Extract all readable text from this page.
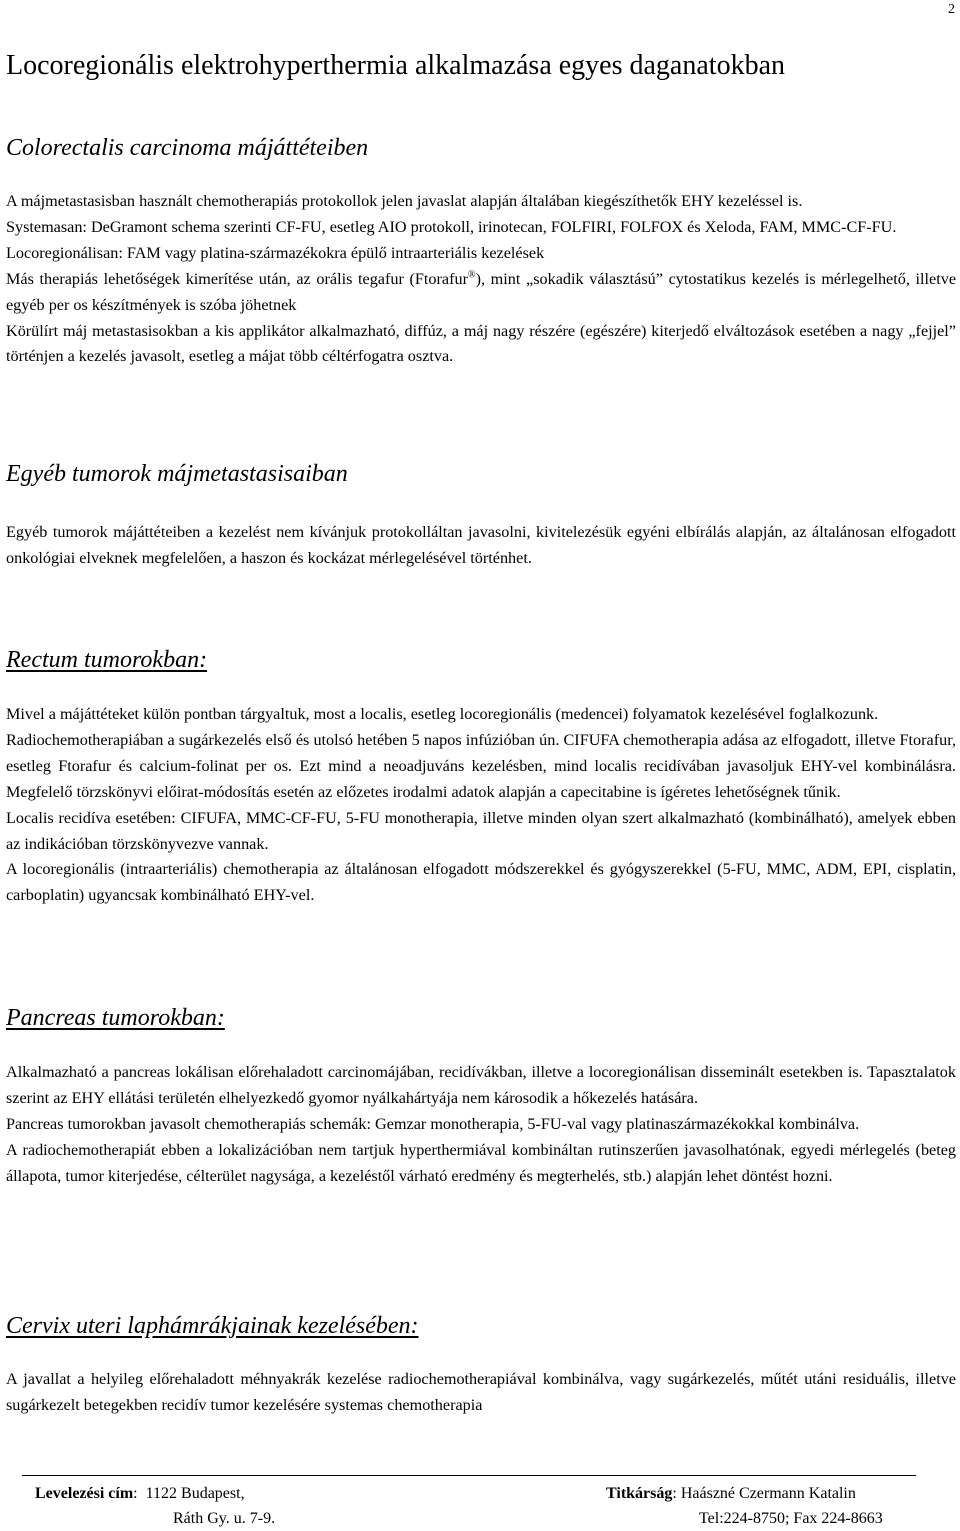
2
Locoregionális elektrohyperthermia alkalmazása egyes daganatokban
Colorectalis carcinoma májáttéteiben

A májmetastasisban használt chemotherapiás protokollok jelen javaslat alapján általában kiegészíthetők EHY kezeléssel is.

Systemasan: DeGramont schema szerinti CF-FU, esetleg AIO protokoll, irinotecan, FOLFIRI, FOLFOX és Xeloda, FAM, MMC-CF-FU.

Locoregionálisan: FAM vagy platina-származékokra épülő intraarteriális kezelések

Más therapiás lehetőségek kimerítése után, az orális tegafur (Ftorafur®), mint „sokadik választású” cytostatikus kezelés is mérlegelhető, illetve egyéb per os készítmények is szóba jöhetnek

Körülírt máj metastasisokban a kis applikátor alkalmazható, diffúz, a máj nagy részére (egészére) kiterjedő elváltozások esetében a nagy „fejjel” történjen a kezelés javasolt, esetleg a májat több céltérfogatra osztva.

Egyéb tumorok májmetastasisaiban

Egyéb tumorok májáttéteiben a kezelést nem kívánjuk protokolláltan javasolni, kivitelezésük egyéni elbírálás alapján, az általánosan elfogadott onkológiai elveknek megfelelően, a haszon és kockázat mérlegelésével történhet.

Rectum tumorokban:

Mivel a májáttéteket külön pontban tárgyaltuk, most a localis, esetleg locoregionális (medencei) folyamatok kezelésével foglalkozunk.

Radiochemotherapiában a sugárkezelés első és utolsó hetében 5 napos infúzióban ún. CIFUFA chemotherapia adása az elfogadott, illetve Ftorafur, esetleg Ftorafur és calcium-folinat per os. Ezt mind a neoadjuváns kezelésben, mind localis recidívában javasoljuk EHY-vel kombinálásra. Megfelelő törzskönyvi előirat-módosítás esetén az előzetes irodalmi adatok alapján a capecitabine is ígéretes lehetőségnek tűnik.

Localis recidíva esetében: CIFUFA, MMC-CF-FU, 5-FU monotherapia, illetve minden olyan szert alkalmazható (kombinálható), amelyek ebben az indikációban törzskönyvezve vannak.

A locoregionális (intraarteriális) chemotherapia az általánosan elfogadott módszerekkel és gyógyszerekkel (5-FU, MMC, ADM, EPI, cisplatin, carboplatin) ugyancsak kombinálható EHY-vel.

Pancreas tumorokban:

Alkalmazható a pancreas lokálisan előrehaladott carcinomájában, recidívákban, illetve a locoregionálisan disseminált esetekben is. Tapasztalatok szerint az EHY ellátási területén elhelyezkedő gyomor nyálkahártyája nem károsodik a hőkezelés hatására.

Pancreas tumorokban javasolt chemotherapiás schemák: Gemzar monotherapia, 5-FU-val vagy platinaszármazékokkal kombinálva.

A radiochemotherapiát ebben a lokalizációban nem tartjuk hyperthermiával kombináltan rutinszerűen javasolhatónak, egyedi mérlegelés (beteg állapota, tumor kiterjedése, célterület nagysága, a kezeléstől várható eredmény és megterhelés, stb.) alapján lehet döntést hozni.

Cervix uteri laphámrákjainak kezelésében:

A javallat a helyileg előrehaladott méhnyakrák kezelése radiochemotherapiával kombinálva, vagy sugárkezelés, műtét utáni residuális, illetve sugárkezelt betegekben recidív tumor kezelésére systemas chemotherapia

Levelezési cím:  1122 Budapest,
Ráth Gy. u. 7-9.
Titkárság: Haászné Czermann Katalin
Tel:224-8750; Fax 224-8663
